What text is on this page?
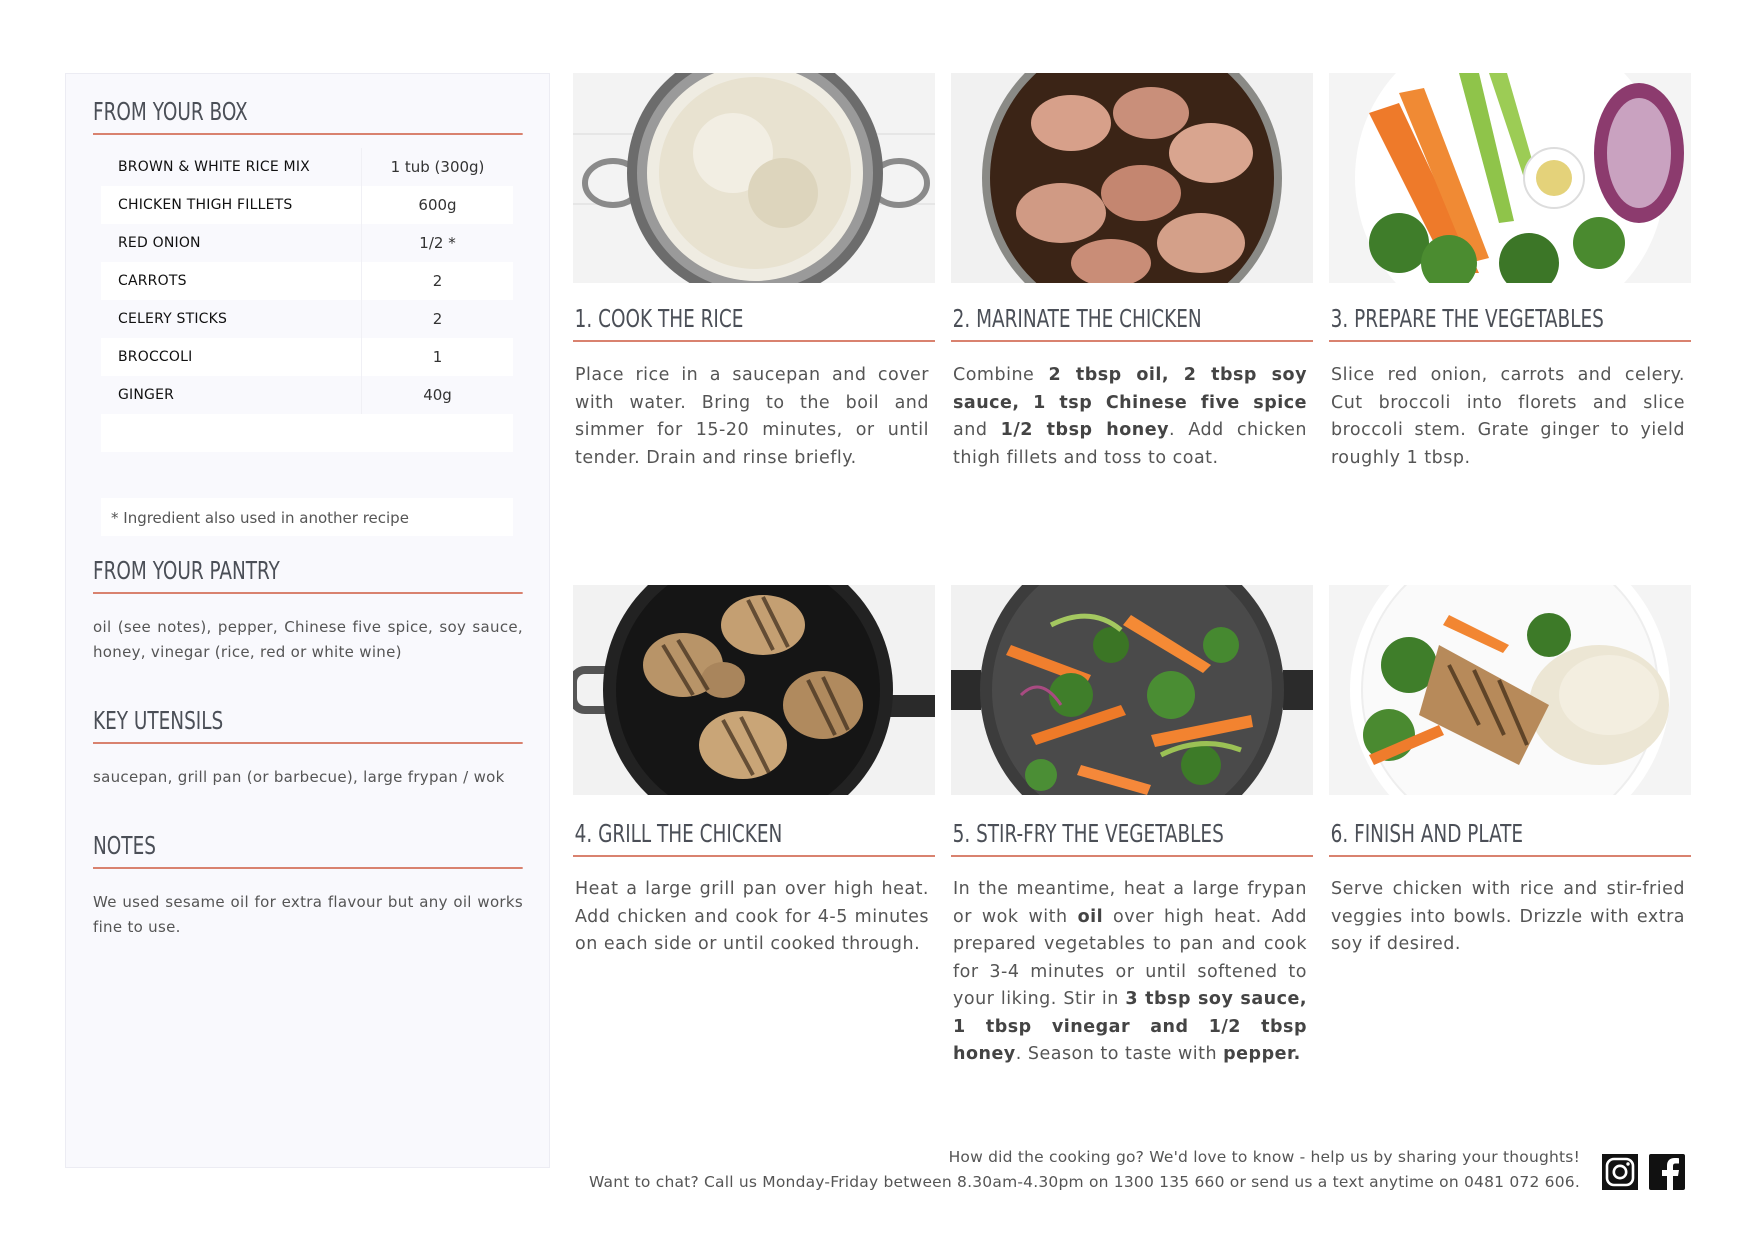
FROM YOUR BOX
BROWN & WHITE RICE MIX	1 tub (300g)
CHICKEN THIGH FILLETS	600g
RED ONION	1/2 *
CARROTS	2
CELERY STICKS	2
BROCCOLI	1
GINGER	40g
* Ingredient also used in another recipe
FROM YOUR PANTRY
oil (see notes), pepper, Chinese five spice, soy sauce, honey, vinegar (rice, red or white wine)
KEY UTENSILS
saucepan, grill pan (or barbecue), large frypan / wok
NOTES
We used sesame oil for extra flavour but any oil works fine to use.
1. COOK THE RICE	2. MARINATE THE CHICKEN	3. PREPARE THE VEGETABLES
4. GRILL THE CHICKEN	5. STIR-FRY THE VEGETABLES	6. FINISH AND PLATE
Place rice in a saucepan and cover with water. Bring to the boil and simmer for 15-20 minutes, or until tender. Drain and rinse briefly.
Combine 2 tbsp oil, 2 tbsp soy sauce, 1 tsp Chinese five spice and 1/2 tbsp honey. Add chicken thigh fillets and toss to coat.
Slice red onion, carrots and celery. Cut broccoli into florets and slice broccoli stem. Grate ginger to yield roughly 1 tbsp.
Heat a large grill pan over high heat. Add chicken and cook for 4-5 minutes on each side or until cooked through.
In the meantime, heat a large frypan or wok with oil over high heat. Add prepared vegetables to pan and cook for 3-4 minutes or until softened to your liking. Stir in 3 tbsp soy sauce, 1 tbsp vinegar and 1/2 tbsp honey. Season to taste with pepper.
Serve chicken with rice and stir-fried veggies into bowls. Drizzle with extra soy if desired.
How did the cooking go? We'd love to know - help us by sharing your thoughts!
Want to chat? Call us Monday-Friday between 8.30am-4.30pm on 1300 135 660 or send us a text anytime on 0481 072 606.
